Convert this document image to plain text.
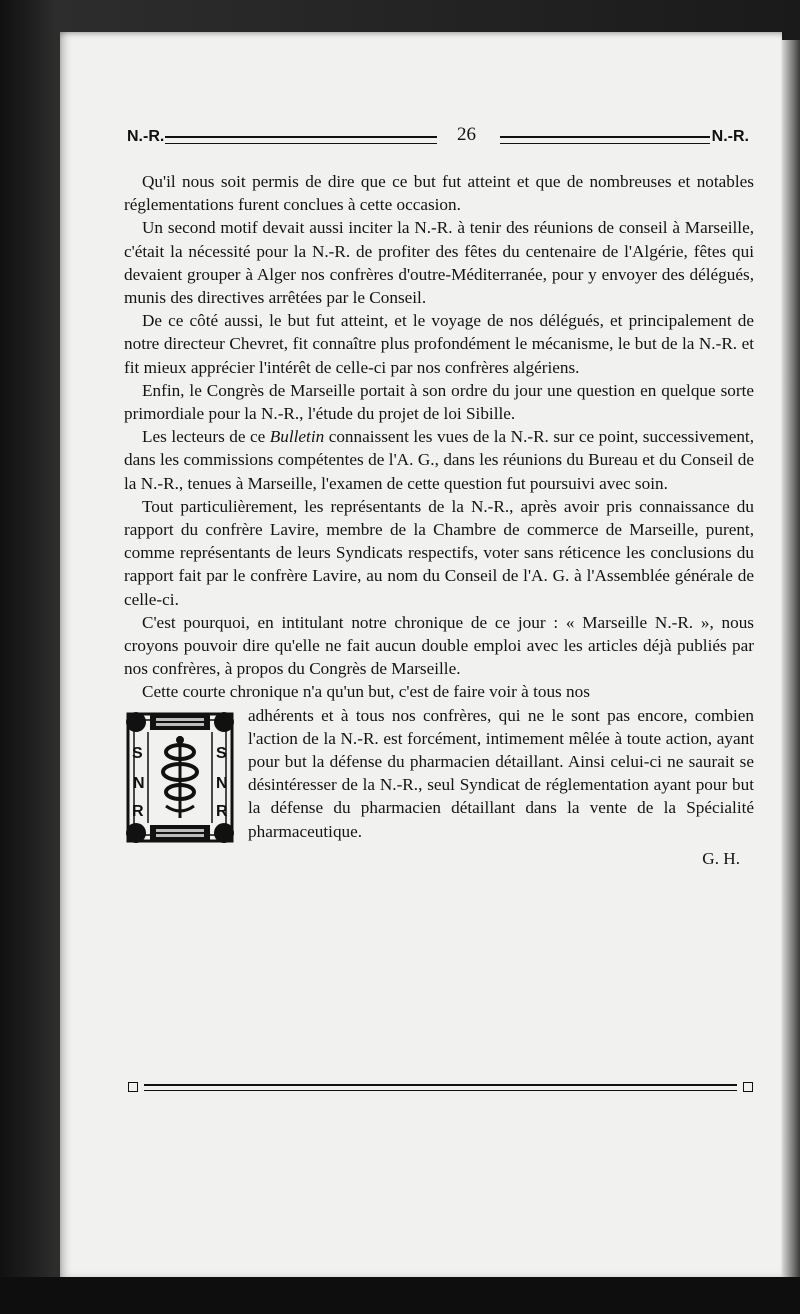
N.-R.	26	N.-R.

Qu'il nous soit permis de dire que ce but fut atteint et que de nombreuses et notables réglementations furent conclues à cette occasion.

Un second motif devait aussi inciter la N.-R. à tenir des réunions de conseil à Marseille, c'était la nécessité pour la N.-R. de profiter des fêtes du centenaire de l'Algérie, fêtes qui devaient grouper à Alger nos confrères d'outre-Méditerranée, pour y envoyer des délégués, munis des directives arrêtées par le Conseil.

De ce côté aussi, le but fut atteint, et le voyage de nos délégués, et principalement de notre directeur Chevret, fit connaître plus profondément le mécanisme, le but de la N.-R. et fit mieux apprécier l'intérêt de celle-ci par nos confrères algériens.

Enfin, le Congrès de Marseille portait à son ordre du jour une question en quelque sorte primordiale pour la N.-R., l'étude du projet de loi Sibille.

Les lecteurs de ce Bulletin connaissent les vues de la N.-R. sur ce point, successivement, dans les commissions compétentes de l'A. G., dans les réunions du Bureau et du Conseil de la N.-R., tenues à Marseille, l'examen de cette question fut poursuivi avec soin.

Tout particulièrement, les représentants de la N.-R., après avoir pris connaissance du rapport du confrère Lavire, membre de la Chambre de commerce de Marseille, purent, comme représentants de leurs Syndicats respectifs, voter sans réticence les conclusions du rapport fait par le confrère Lavire, au nom du Conseil de l'A. G. à l'Assemblée générale de celle-ci.

C'est pourquoi, en intitulant notre chronique de ce jour : « Marseille N.-R. », nous croyons pouvoir dire qu'elle ne fait aucun double emploi avec les articles déjà publiés par nos confrères, à propos du Congrès de Marseille.

Cette courte chronique n'a qu'un but, c'est de faire voir à tous nos

S
N
R
S
N
R

adhérents et à tous nos confrères, qui ne le sont pas encore, combien l'action de la N.-R. est forcément, intimement mêlée à toute action, ayant pour but la défense du pharmacien détaillant. Ainsi celui-ci ne saurait se désintéresser de la N.-R., seul Syndicat de réglementation ayant pour but la défense du pharmacien détaillant dans la vente de la Spécialité pharmaceutique.

G. H.
